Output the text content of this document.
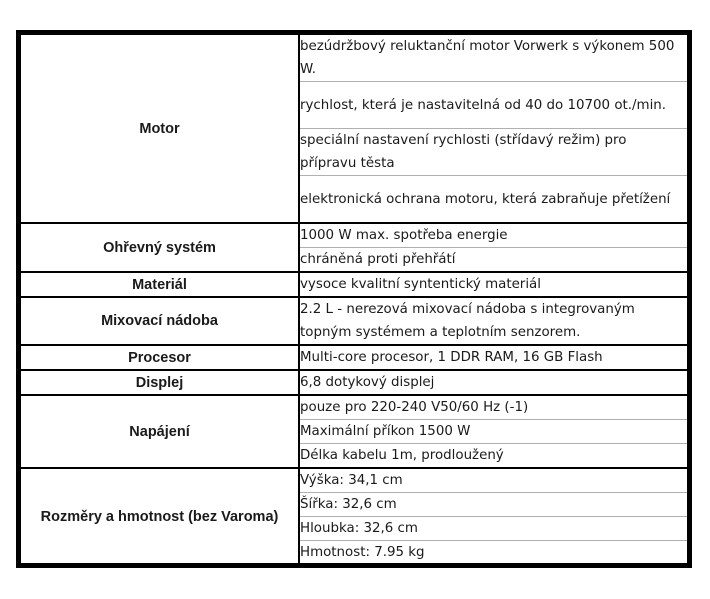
Motor	bezúdržbový reluktanční motor Vorwerk s výkonem 500 W.
	rychlost, která je nastavitelná od 40 do 10700 ot./min.
	speciální nastavení rychlosti (střídavý režim) pro přípravu těsta
	elektronická ochrana motoru, která zabraňuje přetížení
Ohřevný systém	1000 W max. spotřeba energie
	chráněná proti přehřátí
Materiál	vysoce kvalitní syntentický materiál
Mixovací nádoba	2.2 L - nerezová mixovací nádoba s integrovaným topným systémem a teplotním senzorem.
Procesor	Multi-core procesor, 1 DDR RAM, 16 GB Flash
Displej	6,8 dotykový displej
Napájení	pouze pro 220-240 V50/60 Hz (-1)
	Maximální příkon 1500 W
	Délka kabelu 1m, prodloužený
Rozměry a hmotnost (bez Varoma)	Výška: 34,1 cm
	Šířka: 32,6 cm
	Hloubka: 32,6 cm
	Hmotnost: 7.95 kg
